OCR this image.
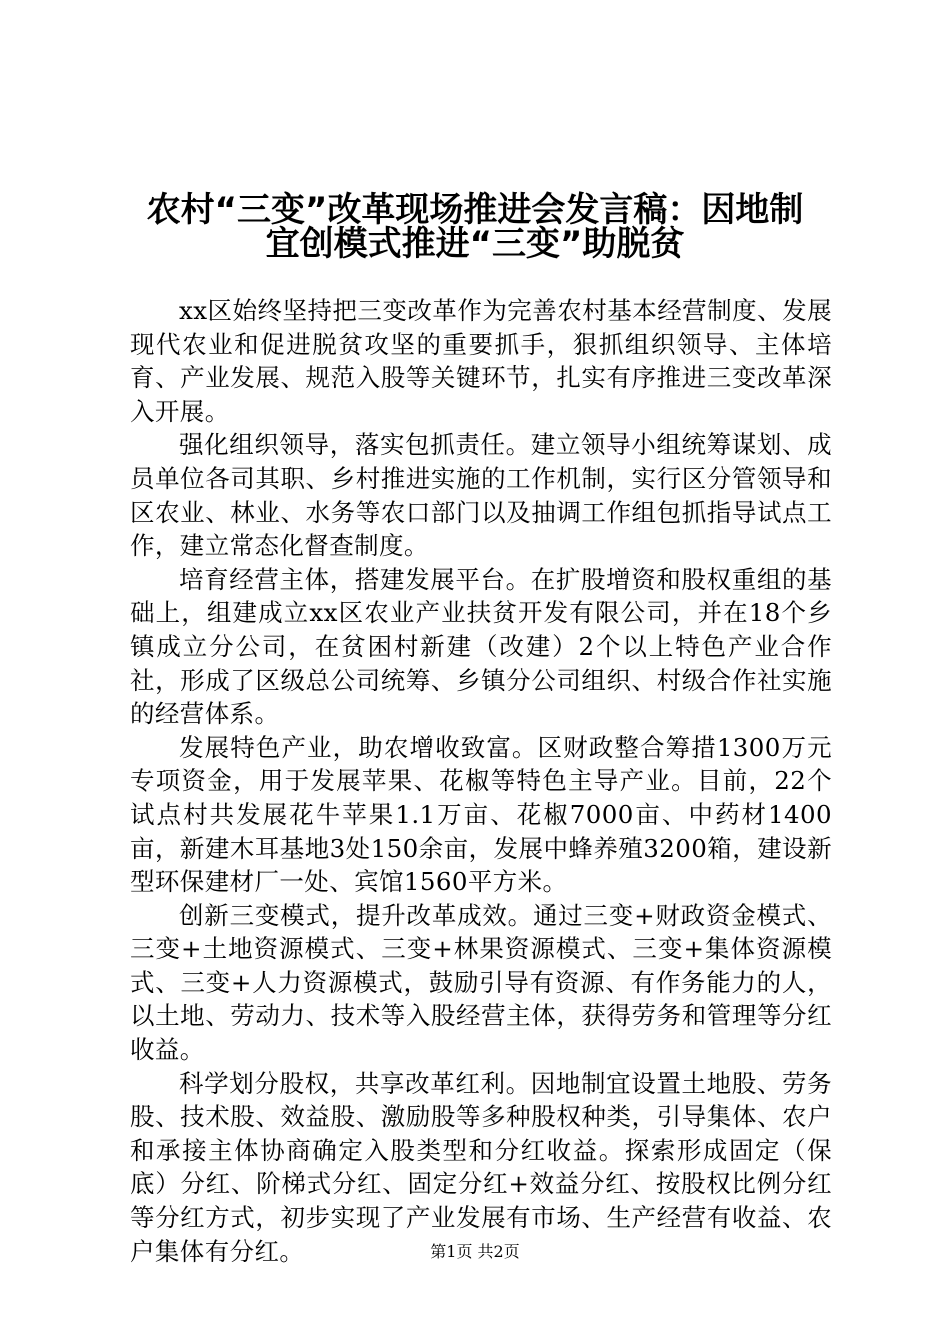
农村“三变”改革现场推进会发言稿：因地制
宜创模式推进“三变”助脱贫

xx区始终坚持把三变改革作为完善农村基本经营制度、发展现代农业和促进脱贫攻坚的重要抓手，狠抓组织领导、主体培育、产业发展、规范入股等关键环节，扎实有序推进三变改革深入开展。

强化组织领导，落实包抓责任。建立领导小组统筹谋划、成员单位各司其职、乡村推进实施的工作机制，实行区分管领导和区农业、林业、水务等农口部门以及抽调工作组包抓指导试点工作，建立常态化督查制度。

培育经营主体，搭建发展平台。在扩股增资和股权重组的基础上，组建成立xx区农业产业扶贫开发有限公司，并在18个乡镇成立分公司，在贫困村新建（改建）2个以上特色产业合作社，形成了区级总公司统筹、乡镇分公司组织、村级合作社实施的经营体系。

发展特色产业，助农增收致富。区财政整合筹措1300万元专项资金，用于发展苹果、花椒等特色主导产业。目前，22个试点村共发展花牛苹果1.1万亩、花椒7000亩、中药材1400亩，新建木耳基地3处150余亩，发展中蜂养殖3200箱，建设新型环保建材厂一处、宾馆1560平方米。

创新三变模式，提升改革成效。通过三变+财政资金模式、三变+土地资源模式、三变+林果资源模式、三变+集体资源模式、三变+人力资源模式，鼓励引导有资源、有作务能力的人，以土地、劳动力、技术等入股经营主体，获得劳务和管理等分红收益。

科学划分股权，共享改革红利。因地制宜设置土地股、劳务股、技术股、效益股、激励股等多种股权种类，引导集体、农户和承接主体协商确定入股类型和分红收益。探索形成固定（保底）分红、阶梯式分红、固定分红+效益分红、按股权比例分红等分红方式，初步实现了产业发展有市场、生产经营有收益、农户集体有分红。	第1页 共2页
